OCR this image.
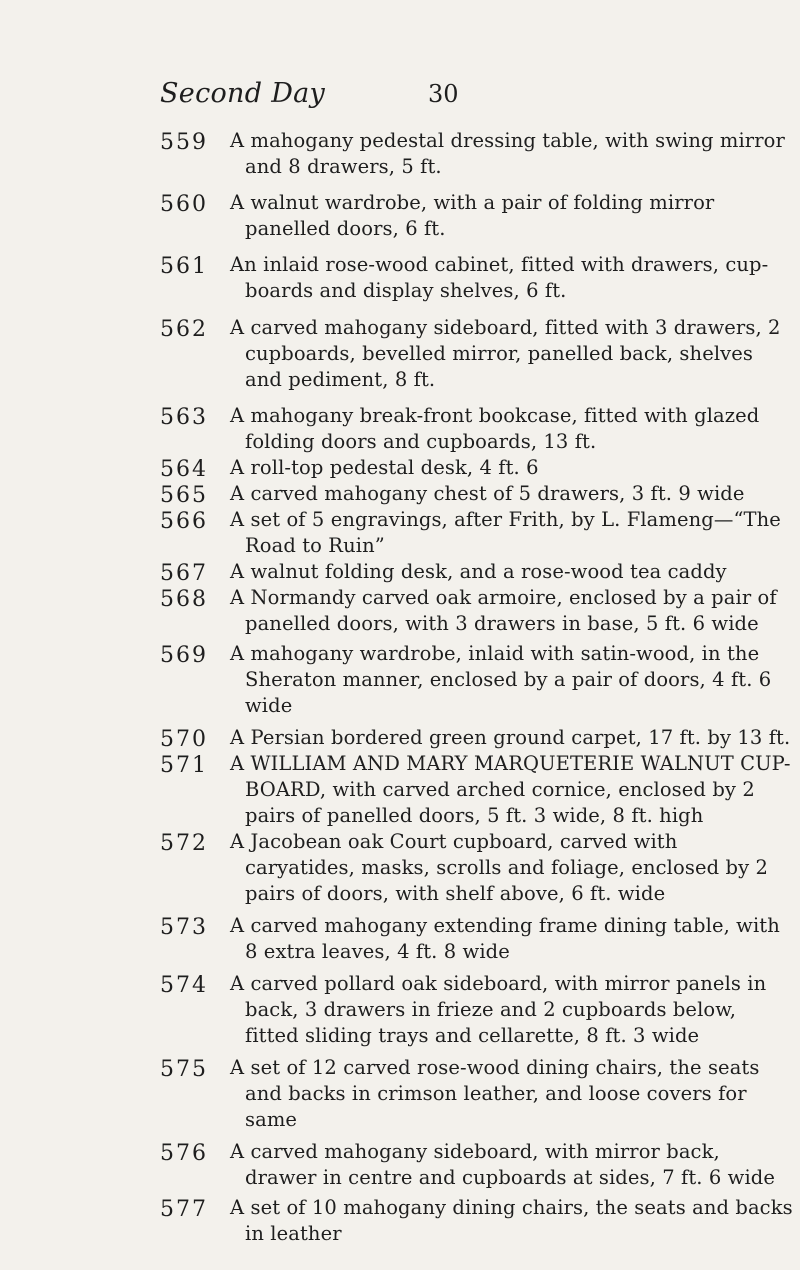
Second Day	30
559	A mahogany pedestal dressing table, with swing mirror and 8 drawers, 5 ft.
560	A walnut wardrobe, with a pair of folding mirror panelled doors, 6 ft.
561	An inlaid rose-wood cabinet, fitted with drawers, cup-boards and display shelves, 6 ft.
562	A carved mahogany sideboard, fitted with 3 drawers, 2 cupboards, bevelled mirror, panelled back, shelves and pediment, 8 ft.
563	A mahogany break-front bookcase, fitted with glazed folding doors and cupboards, 13 ft.
564	A roll-top pedestal desk, 4 ft. 6
565	A carved mahogany chest of 5 drawers, 3 ft. 9 wide
566	A set of 5 engravings, after Frith, by L. Flameng—“The Road to Ruin”
567	A walnut folding desk, and a rose-wood tea caddy
568	A Normandy carved oak armoire, enclosed by a pair of panelled doors, with 3 drawers in base, 5 ft. 6 wide
569	A mahogany wardrobe, inlaid with satin-wood, in the Sheraton manner, enclosed by a pair of doors, 4 ft. 6 wide
570	A Persian bordered green ground carpet, 17 ft. by 13 ft.
571	A WILLIAM AND MARY MARQUETERIE WALNUT CUP-BOARD, with carved arched cornice, enclosed by 2 pairs of panelled doors, 5 ft. 3 wide, 8 ft. high
572	A Jacobean oak Court cupboard, carved with caryatides, masks, scrolls and foliage, enclosed by 2 pairs of doors, with shelf above, 6 ft. wide
573	A carved mahogany extending frame dining table, with 8 extra leaves, 4 ft. 8 wide
574	A carved pollard oak sideboard, with mirror panels in back, 3 drawers in frieze and 2 cupboards below, fitted sliding trays and cellarette, 8 ft. 3 wide
575	A set of 12 carved rose-wood dining chairs, the seats and backs in crimson leather, and loose covers for same
576	A carved mahogany sideboard, with mirror back, drawer in centre and cupboards at sides, 7 ft. 6 wide
577	A set of 10 mahogany dining chairs, the seats and backs in leather
